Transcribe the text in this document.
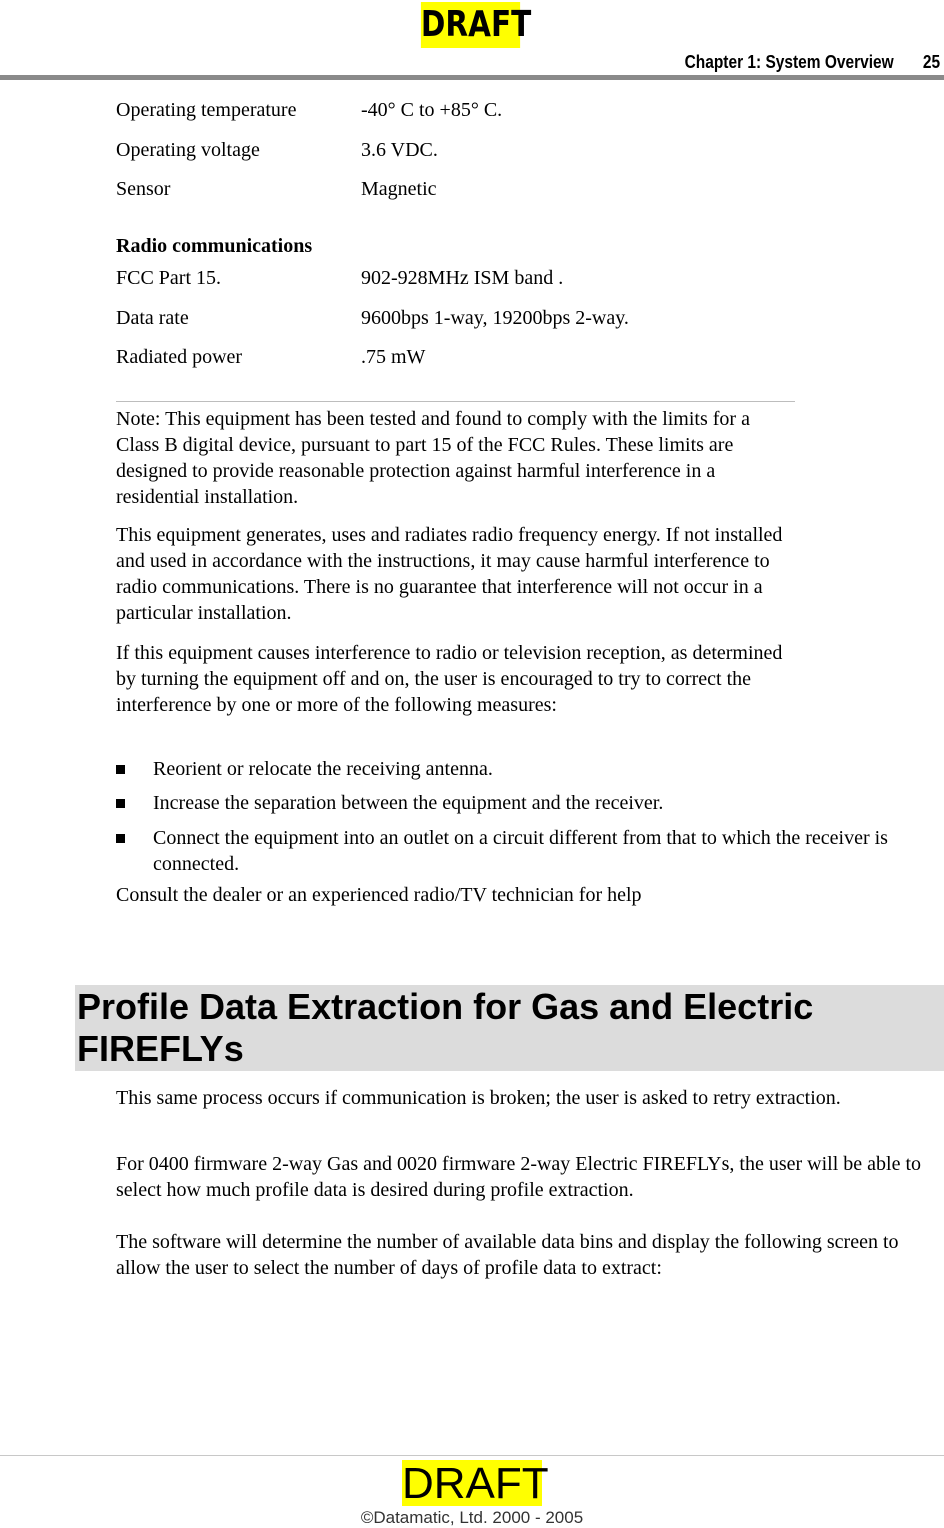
DRAFT
Chapter 1: System Overview 25
Operating temperature	-40° C to +85° C.
Operating voltage	3.6 VDC.
Sensor	Magnetic
Radio communications
FCC Part 15.	902-928MHz ISM band .
Data rate	9600bps 1-way, 19200bps 2-way.
Radiated power	.75 mW
Note: This equipment has been tested and found to comply with the limits for a Class B digital device, pursuant to part 15 of the FCC Rules. These limits are designed to provide reasonable protection against harmful interference in a residential installation.
This equipment generates, uses and radiates radio frequency energy. If not installed and used in accordance with the instructions, it may cause harmful interference to radio communications. There is no guarantee that interference will not occur in a particular installation.
If this equipment causes interference to radio or television reception, as determined by turning the equipment off and on, the user is encouraged to try to correct the interference by one or more of the following measures:
Reorient or relocate the receiving antenna.
Increase the separation between the equipment and the receiver.
Connect the equipment into an outlet on a circuit different from that to which the receiver is connected.
Consult the dealer or an experienced radio/TV technician for help
Profile Data Extraction for Gas and Electric FIREFLYs
This same process occurs if communication is broken; the user is asked to retry extraction.
For 0400 firmware 2-way Gas and 0020 firmware 2-way Electric FIREFLYs, the user will be able to select how much profile data is desired during profile extraction.
The software will determine the number of available data bins and display the following screen to allow the user to select the number of days of profile data to extract:
DRAFT
©Datamatic, Ltd. 2000 - 2005
